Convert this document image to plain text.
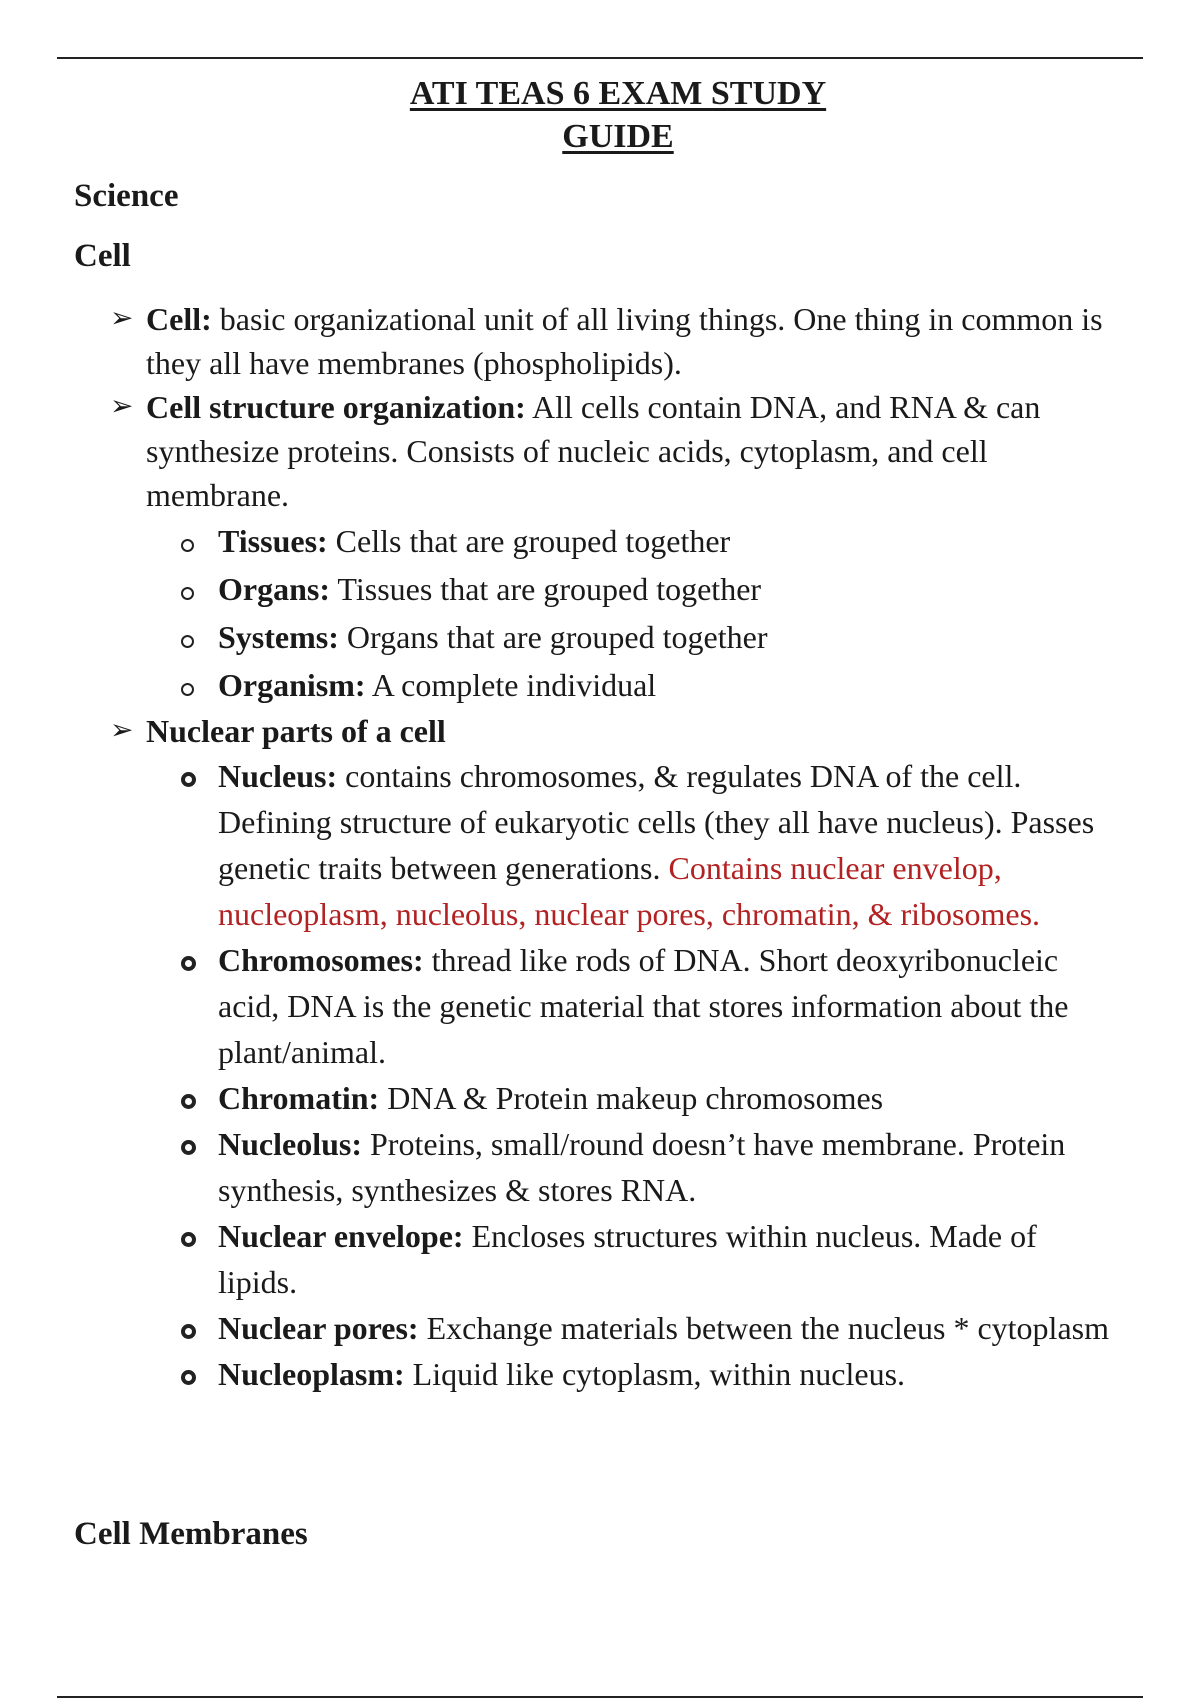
ATI TEAS 6 EXAM STUDY
GUIDE
Science
Cell
➢ Cell: basic organizational unit of all living things. One thing in common is they all have membranes (phospholipids).
➢ Cell structure organization: All cells contain DNA, and RNA & can synthesize proteins. Consists of nucleic acids, cytoplasm, and cell membrane.
Tissues: Cells that are grouped together
Organs: Tissues that are grouped together
Systems: Organs that are grouped together
Organism: A complete individual
➢ Nuclear parts of a cell
Nucleus: contains chromosomes, & regulates DNA of the cell. Defining structure of eukaryotic cells (they all have nucleus). Passes genetic traits between generations. Contains nuclear envelop, nucleoplasm, nucleolus, nuclear pores, chromatin, & ribosomes.
Chromosomes: thread like rods of DNA. Short deoxyribonucleic acid, DNA is the genetic material that stores information about the plant/animal.
Chromatin: DNA & Protein makeup chromosomes
Nucleolus: Proteins, small/round doesn’t have membrane. Protein synthesis, synthesizes & stores RNA.
Nuclear envelope: Encloses structures within nucleus. Made of lipids.
Nuclear pores: Exchange materials between the nucleus * cytoplasm
Nucleoplasm: Liquid like cytoplasm, within nucleus.
Cell Membranes
